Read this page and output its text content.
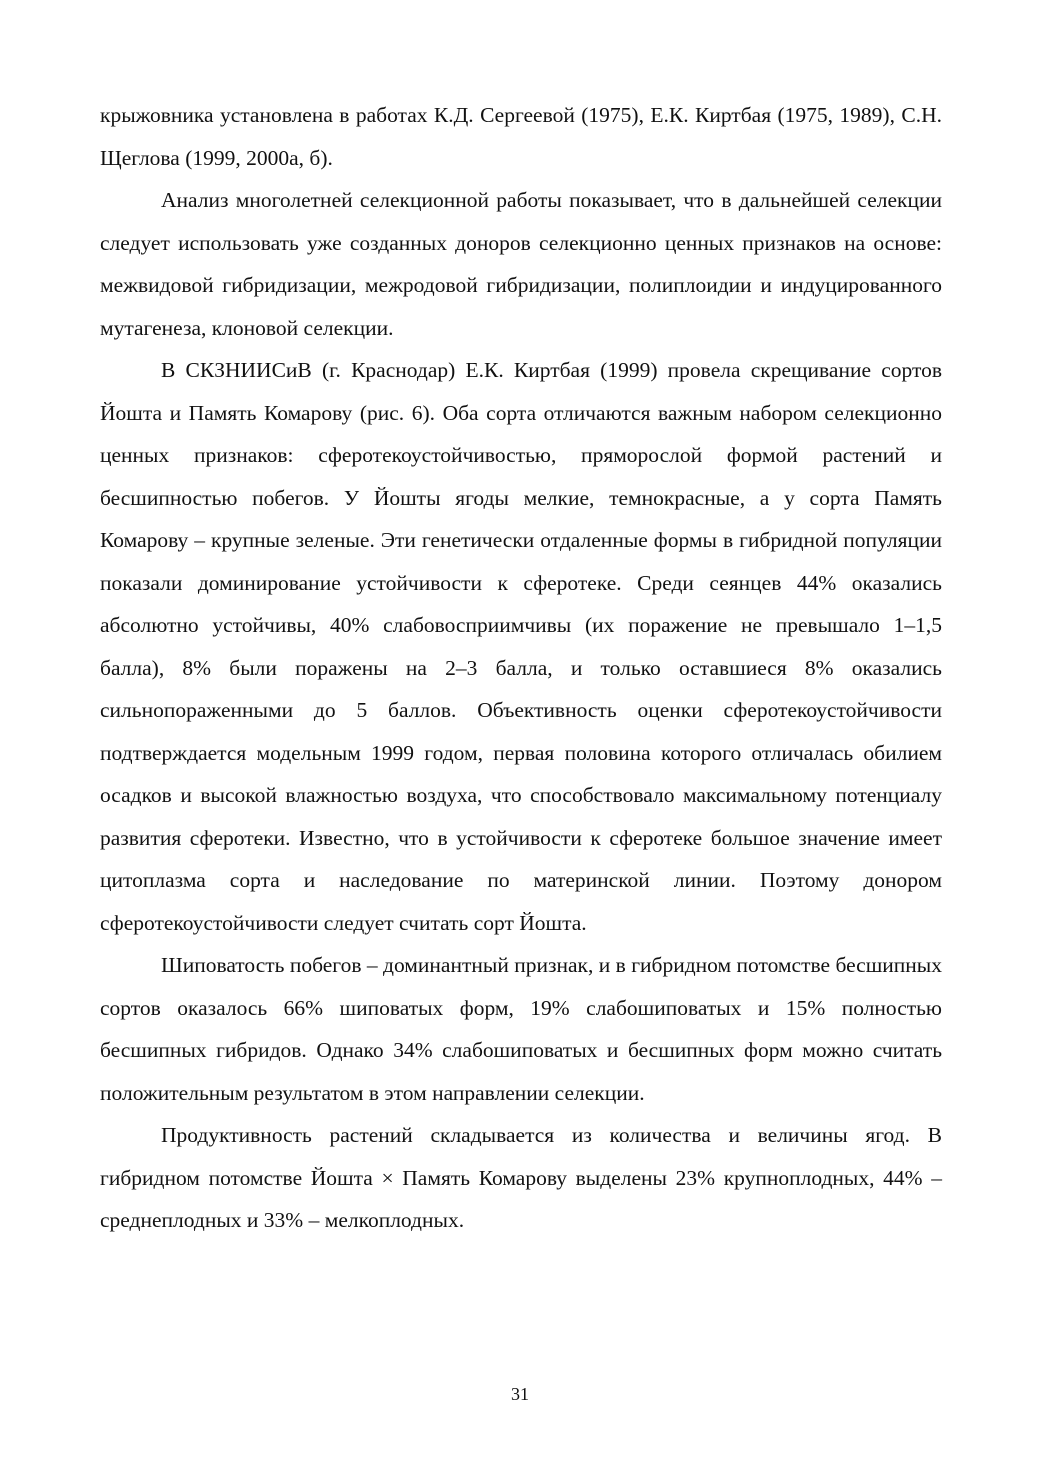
крыжовника установлена в работах К.Д. Сергеевой (1975), Е.К. Киртбая (1975, 1989), С.Н. Щеглова (1999, 2000а, б).

Анализ многолетней селекционной работы показывает, что в дальнейшей селекции следует использовать уже созданных доноров селекционно ценных признаков на основе: межвидовой гибридизации, межродовой гибридизации, полиплоидии и индуцированного мутагенеза, клоновой селекции.

В СКЗНИИСиВ (г. Краснодар) Е.К. Киртбая (1999) провела скрещивание сортов Йошта и Память Комарову (рис. 6). Оба сорта отличаются важным набором селекционно ценных признаков: сферотекоустойчивостью, пряморослой формой растений и бесшипностью побегов. У Йошты ягоды мелкие, темнокрасные, а у сорта Память Комарову – крупные зеленые. Эти генетически отдаленные формы в гибридной популяции показали доминирование устойчивости к сферотеке. Среди сеянцев 44% оказались абсолютно устойчивы, 40% слабовосприимчивы (их поражение не превышало 1–1,5 балла), 8% были поражены на 2–3 балла, и только оставшиеся 8% оказались сильнопораженными до 5 баллов. Объективность оценки сферотекоустойчивости подтверждается модельным 1999 годом, первая половина которого отличалась обилием осадков и высокой влажностью воздуха, что способствовало максимальному потенциалу развития сферотеки. Известно, что в устойчивости к сферотеке большое значение имеет цитоплазма сорта и наследование по материнской линии. Поэтому донором сферотекоустойчивости следует считать сорт Йошта.

Шиповатость побегов – доминантный признак, и в гибридном потомстве бесшипных сортов оказалось 66% шиповатых форм, 19% слабошиповатых и 15% полностью бесшипных гибридов. Однако 34% слабошиповатых и бесшипных форм можно считать положительным результатом в этом направлении селекции.

Продуктивность растений складывается из количества и величины ягод. В гибридном потомстве Йошта × Память Комарову выделены 23% крупноплодных, 44% –среднеплодных и 33% – мелкоплодных.

31
